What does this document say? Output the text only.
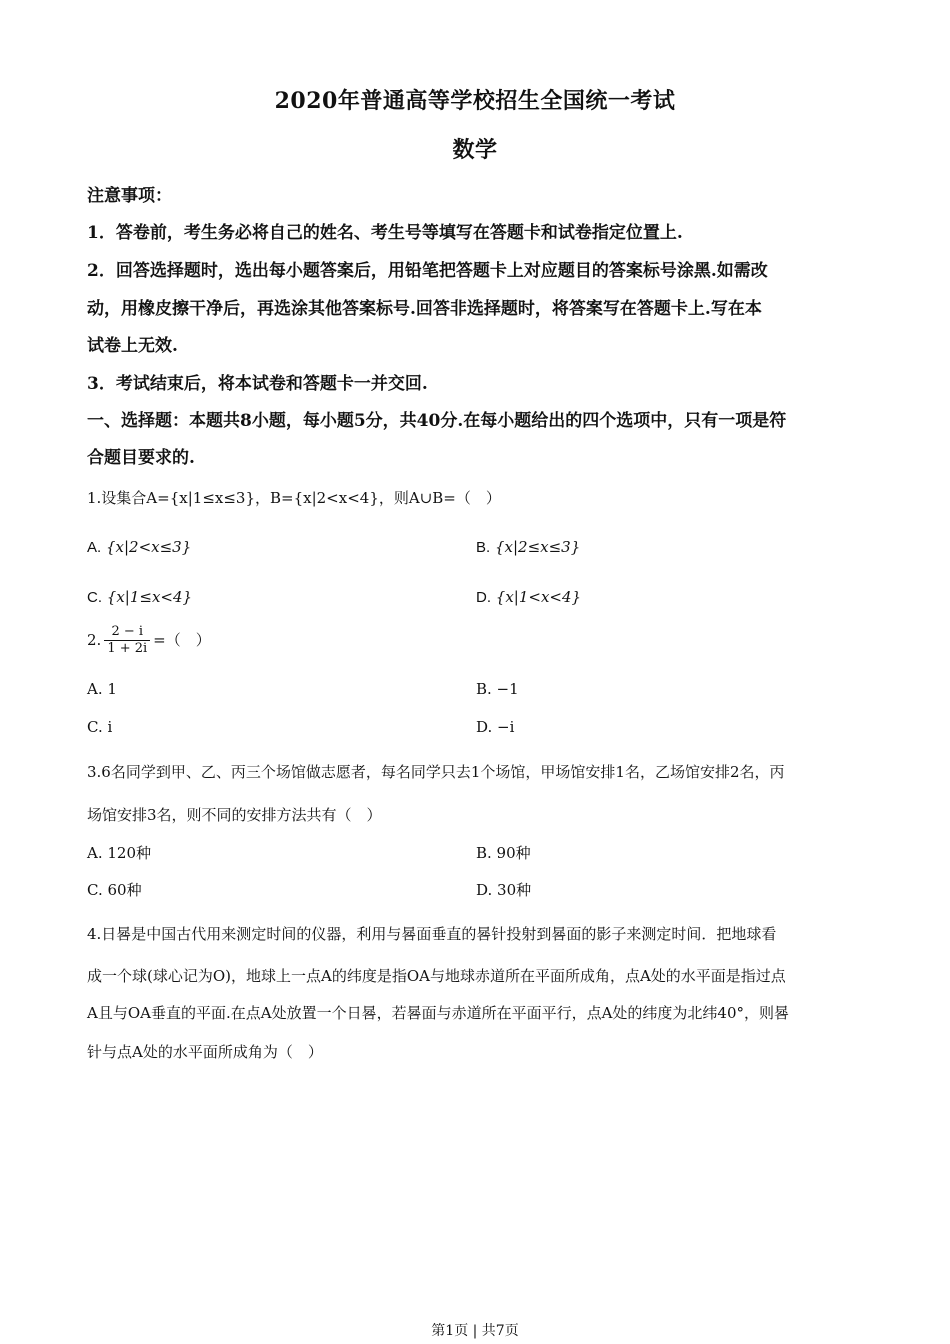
2020年普通高等学校招生全国统一考试
数学
注意事项：
1．答卷前，考生务必将自己的姓名、考生号等填写在答题卡和试卷指定位置上.
2．回答选择题时，选出每小题答案后，用铅笔把答题卡上对应题目的答案标号涂黑.如需改
动，用橡皮擦干净后，再选涂其他答案标号.回答非选择题时，将答案写在答题卡上.写在本
试卷上无效.
3．考试结束后，将本试卷和答题卡一并交回.
一、选择题：本题共8小题，每小题5分，共40分.在每小题给出的四个选项中，只有一项是符
合题目要求的.
1.设集合A={x|1≤x≤3}，B={x|2<x<4}，则A∪B=（　）
A. {x|2<x≤3}	B. {x|2≤x≤3}
C. {x|1≤x<4}	D. {x|1<x<4}
2. $\frac{2 - i}{1 + 2i}$ =（　）
A. 1	B. −1
C. i	D. −i
3.6名同学到甲、乙、丙三个场馆做志愿者，每名同学只去1个场馆，甲场馆安排1名，乙场馆安排2名，丙
场馆安排3名，则不同的安排方法共有（　）
A. 120种	B. 90种
C. 60种	D. 30种
4.日晷是中国古代用来测定时间的仪器，利用与晷面垂直的晷针投射到晷面的影子来测定时间．把地球看
成一个球(球心记为O)，地球上一点A的纬度是指OA与地球赤道所在平面所成角，点A处的水平面是指过点
A且与OA垂直的平面.在点A处放置一个日晷，若晷面与赤道所在平面平行，点A处的纬度为北纬40°，则晷
针与点A处的水平面所成角为（　）
第1页 | 共7页
